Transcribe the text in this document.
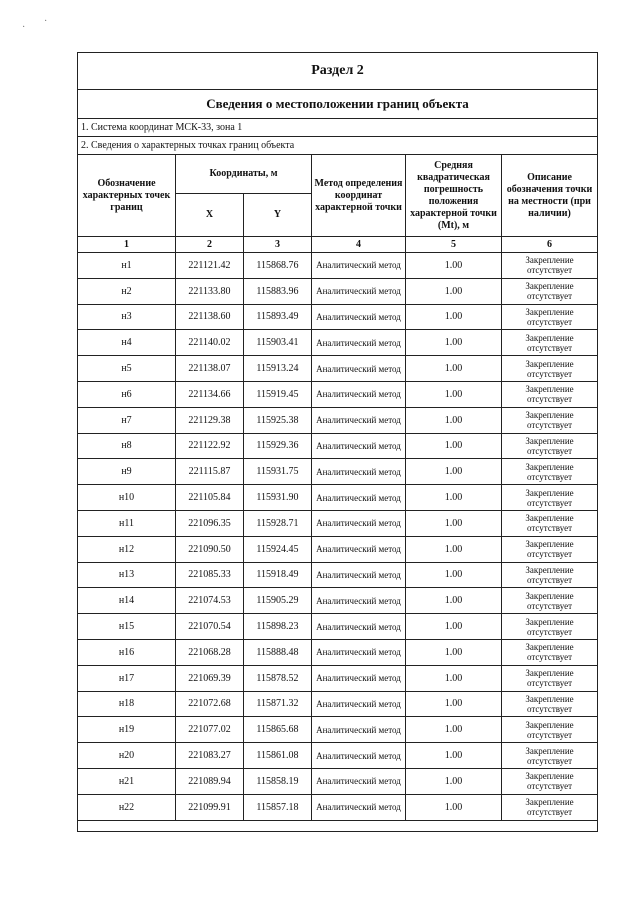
·
·
Раздел 2					
Сведения о местоположении границ объекта					
1. Система координат МСК-33, зона 1					
2. Сведения о характерных точках границ объекта					
Обозначение характерных точек границ	Координаты, м		Метод определения координат характерной точки	Средняя квадратическая погрешность положения характерной точки (Mt), м	Описание обозначения точки на местности (при наличии)
	X	Y			
1	2	3	4	5	6
н1	221121.42	115868.76	Аналитический метод	1.00	Закрепление отсутствует
н2	221133.80	115883.96	Аналитический метод	1.00	Закрепление отсутствует
н3	221138.60	115893.49	Аналитический метод	1.00	Закрепление отсутствует
н4	221140.02	115903.41	Аналитический метод	1.00	Закрепление отсутствует
н5	221138.07	115913.24	Аналитический метод	1.00	Закрепление отсутствует
н6	221134.66	115919.45	Аналитический метод	1.00	Закрепление отсутствует
н7	221129.38	115925.38	Аналитический метод	1.00	Закрепление отсутствует
н8	221122.92	115929.36	Аналитический метод	1.00	Закрепление отсутствует
н9	221115.87	115931.75	Аналитический метод	1.00	Закрепление отсутствует
н10	221105.84	115931.90	Аналитический метод	1.00	Закрепление отсутствует
н11	221096.35	115928.71	Аналитический метод	1.00	Закрепление отсутствует
н12	221090.50	115924.45	Аналитический метод	1.00	Закрепление отсутствует
н13	221085.33	115918.49	Аналитический метод	1.00	Закрепление отсутствует
н14	221074.53	115905.29	Аналитический метод	1.00	Закрепление отсутствует
н15	221070.54	115898.23	Аналитический метод	1.00	Закрепление отсутствует
н16	221068.28	115888.48	Аналитический метод	1.00	Закрепление отсутствует
н17	221069.39	115878.52	Аналитический метод	1.00	Закрепление отсутствует
н18	221072.68	115871.32	Аналитический метод	1.00	Закрепление отсутствует
н19	221077.02	115865.68	Аналитический метод	1.00	Закрепление отсутствует
н20	221083.27	115861.08	Аналитический метод	1.00	Закрепление отсутствует
н21	221089.94	115858.19	Аналитический метод	1.00	Закрепление отсутствует
н22	221099.91	115857.18	Аналитический метод	1.00	Закрепление отсутствует
